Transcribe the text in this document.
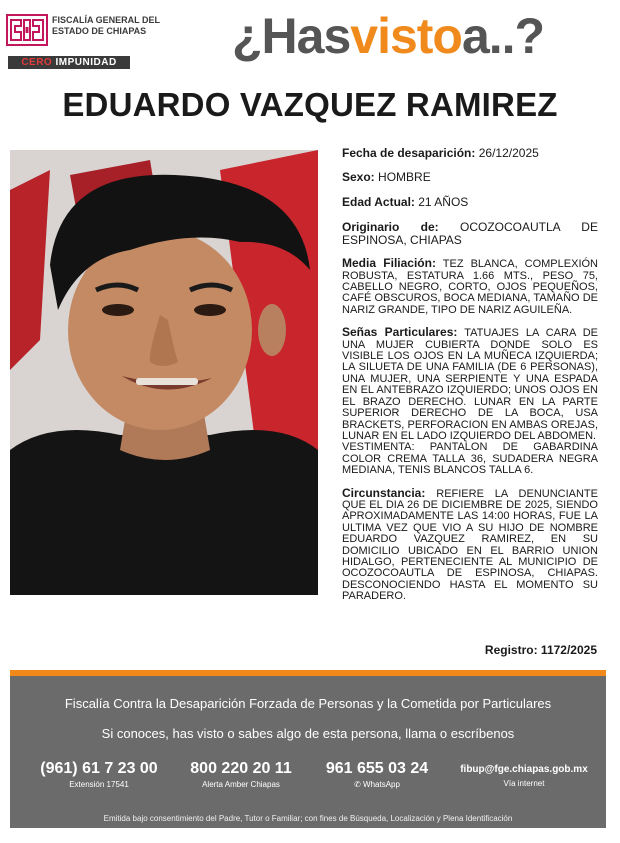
FISCALÍA GENERAL DEL ESTADO DE CHIAPAS
CERO IMPUNIDAD ¿Hasvistoa..?
EDUARDO VAZQUEZ RAMIREZ

Fecha de desaparición: 26/12/2025

Sexo: HOMBRE

Edad Actual: 21 AÑOS

Originario de: OCOZOCOAUTLA DE ESPINOSA, CHIAPAS

Media Filiación: TEZ BLANCA, COMPLEXIÓN ROBUSTA, ESTATURA 1.66 MTS., PESO 75, CABELLO NEGRO, CORTO, OJOS PEQUEÑOS, CAFÉ OBSCUROS, BOCA MEDIANA, TAMAÑO DE NARIZ GRANDE, TIPO DE NARIZ AGUILEÑA.

Señas Particulares: TATUAJES LA CARA DE UNA MUJER CUBIERTA DONDE SOLO ES VISIBLE LOS OJOS EN LA MUÑECA IZQUIERDA; LA SILUETA DE UNA FAMILIA (DE 6 PERSONAS), UNA MUJER, UNA SERPIENTE Y UNA ESPADA EN EL ANTEBRAZO IZQUIERDO; UNOS OJOS EN EL BRAZO DERECHO. LUNAR EN LA PARTE SUPERIOR DERECHO DE LA BOCA, USA BRACKETS, PERFORACION EN AMBAS OREJAS, LUNAR EN EL LADO IZQUIERDO DEL ABDOMEN.

VESTIMENTA: PANTALON DE GABARDINA COLOR CREMA TALLA 36, SUDADERA NEGRA MEDIANA, TENIS BLANCOS TALLA 6.

Circunstancia: REFIERE LA DENUNCIANTE QUE EL DIA 26 DE DICIEMBRE DE 2025, SIENDO APROXIMADAMENTE LAS 14:00 HORAS, FUE LA ULTIMA VEZ QUE VIO A SU HIJO DE NOMBRE EDUARDO VAZQUEZ RAMIREZ, EN SU DOMICILIO UBICADO EN EL BARRIO UNION HIDALGO, PERTENECIENTE AL MUNICIPIO DE OCOZOCOAUTLA DE ESPINOSA, CHIAPAS. DESCONOCIENDO HASTA EL MOMENTO SU PARADERO.

Registro: 1172/2025
Fiscalía Contra la Desaparición Forzada de Personas y la Cometida por Particulares
Si conoces, has visto o sabes algo de esta persona, llama o escríbenos
(961) 61 7 23 00
Extensión 17541
800 220 20 11
Alerta Amber Chiapas
961 655 03 24
✆ WhatsApp
fibup@fge.chiapas.gob.mx
Vía internet
Emitida bajo consentimiento del Padre, Tutor o Familiar; con fines de Búsqueda, Localización y Plena Identificación
